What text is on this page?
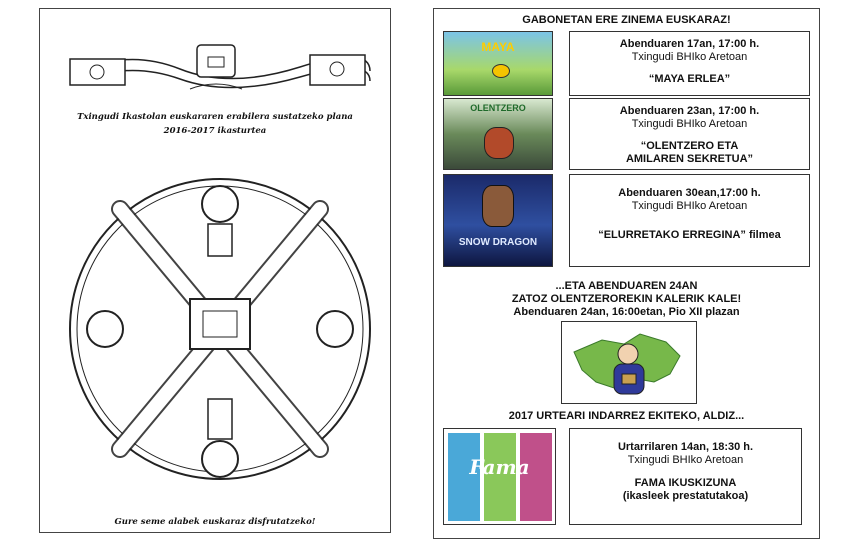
Txingudi Ikastolan euskararen erabilera sustatzeko plana
2016-2017 ikasturtea
Gure seme alabek euskaraz disfrutatzeko!
GABONETAN ERE ZINEMA EUSKARAZ!
MAYA	Abenduaren 17an, 17:00 h.
Txingudi BHIko Aretoan
“MAYA ERLEA”
OLENTZERO	Abenduaren 23an, 17:00 h.
Txingudi BHIko Aretoan
“OLENTZERO ETA
AMILAREN SEKRETUA”
SNOW DRAGON
Abenduaren 30ean,17:00 h.
Txingudi BHIko Aretoan
“ELURRETAKO ERREGINA” filmea
...ETA ABENDUAREN 24AN
ZATOZ OLENTZEROREKIN KALERIK KALE!
Abenduaren 24an, 16:00etan, Pio XII plazan
2017 URTEARI INDARREZ EKITEKO, ALDIZ...
Fama
Urtarrilaren 14an, 18:30 h.
Txingudi BHIko Aretoan
FAMA IKUSKIZUNA
(ikasleek prestatutakoa)
